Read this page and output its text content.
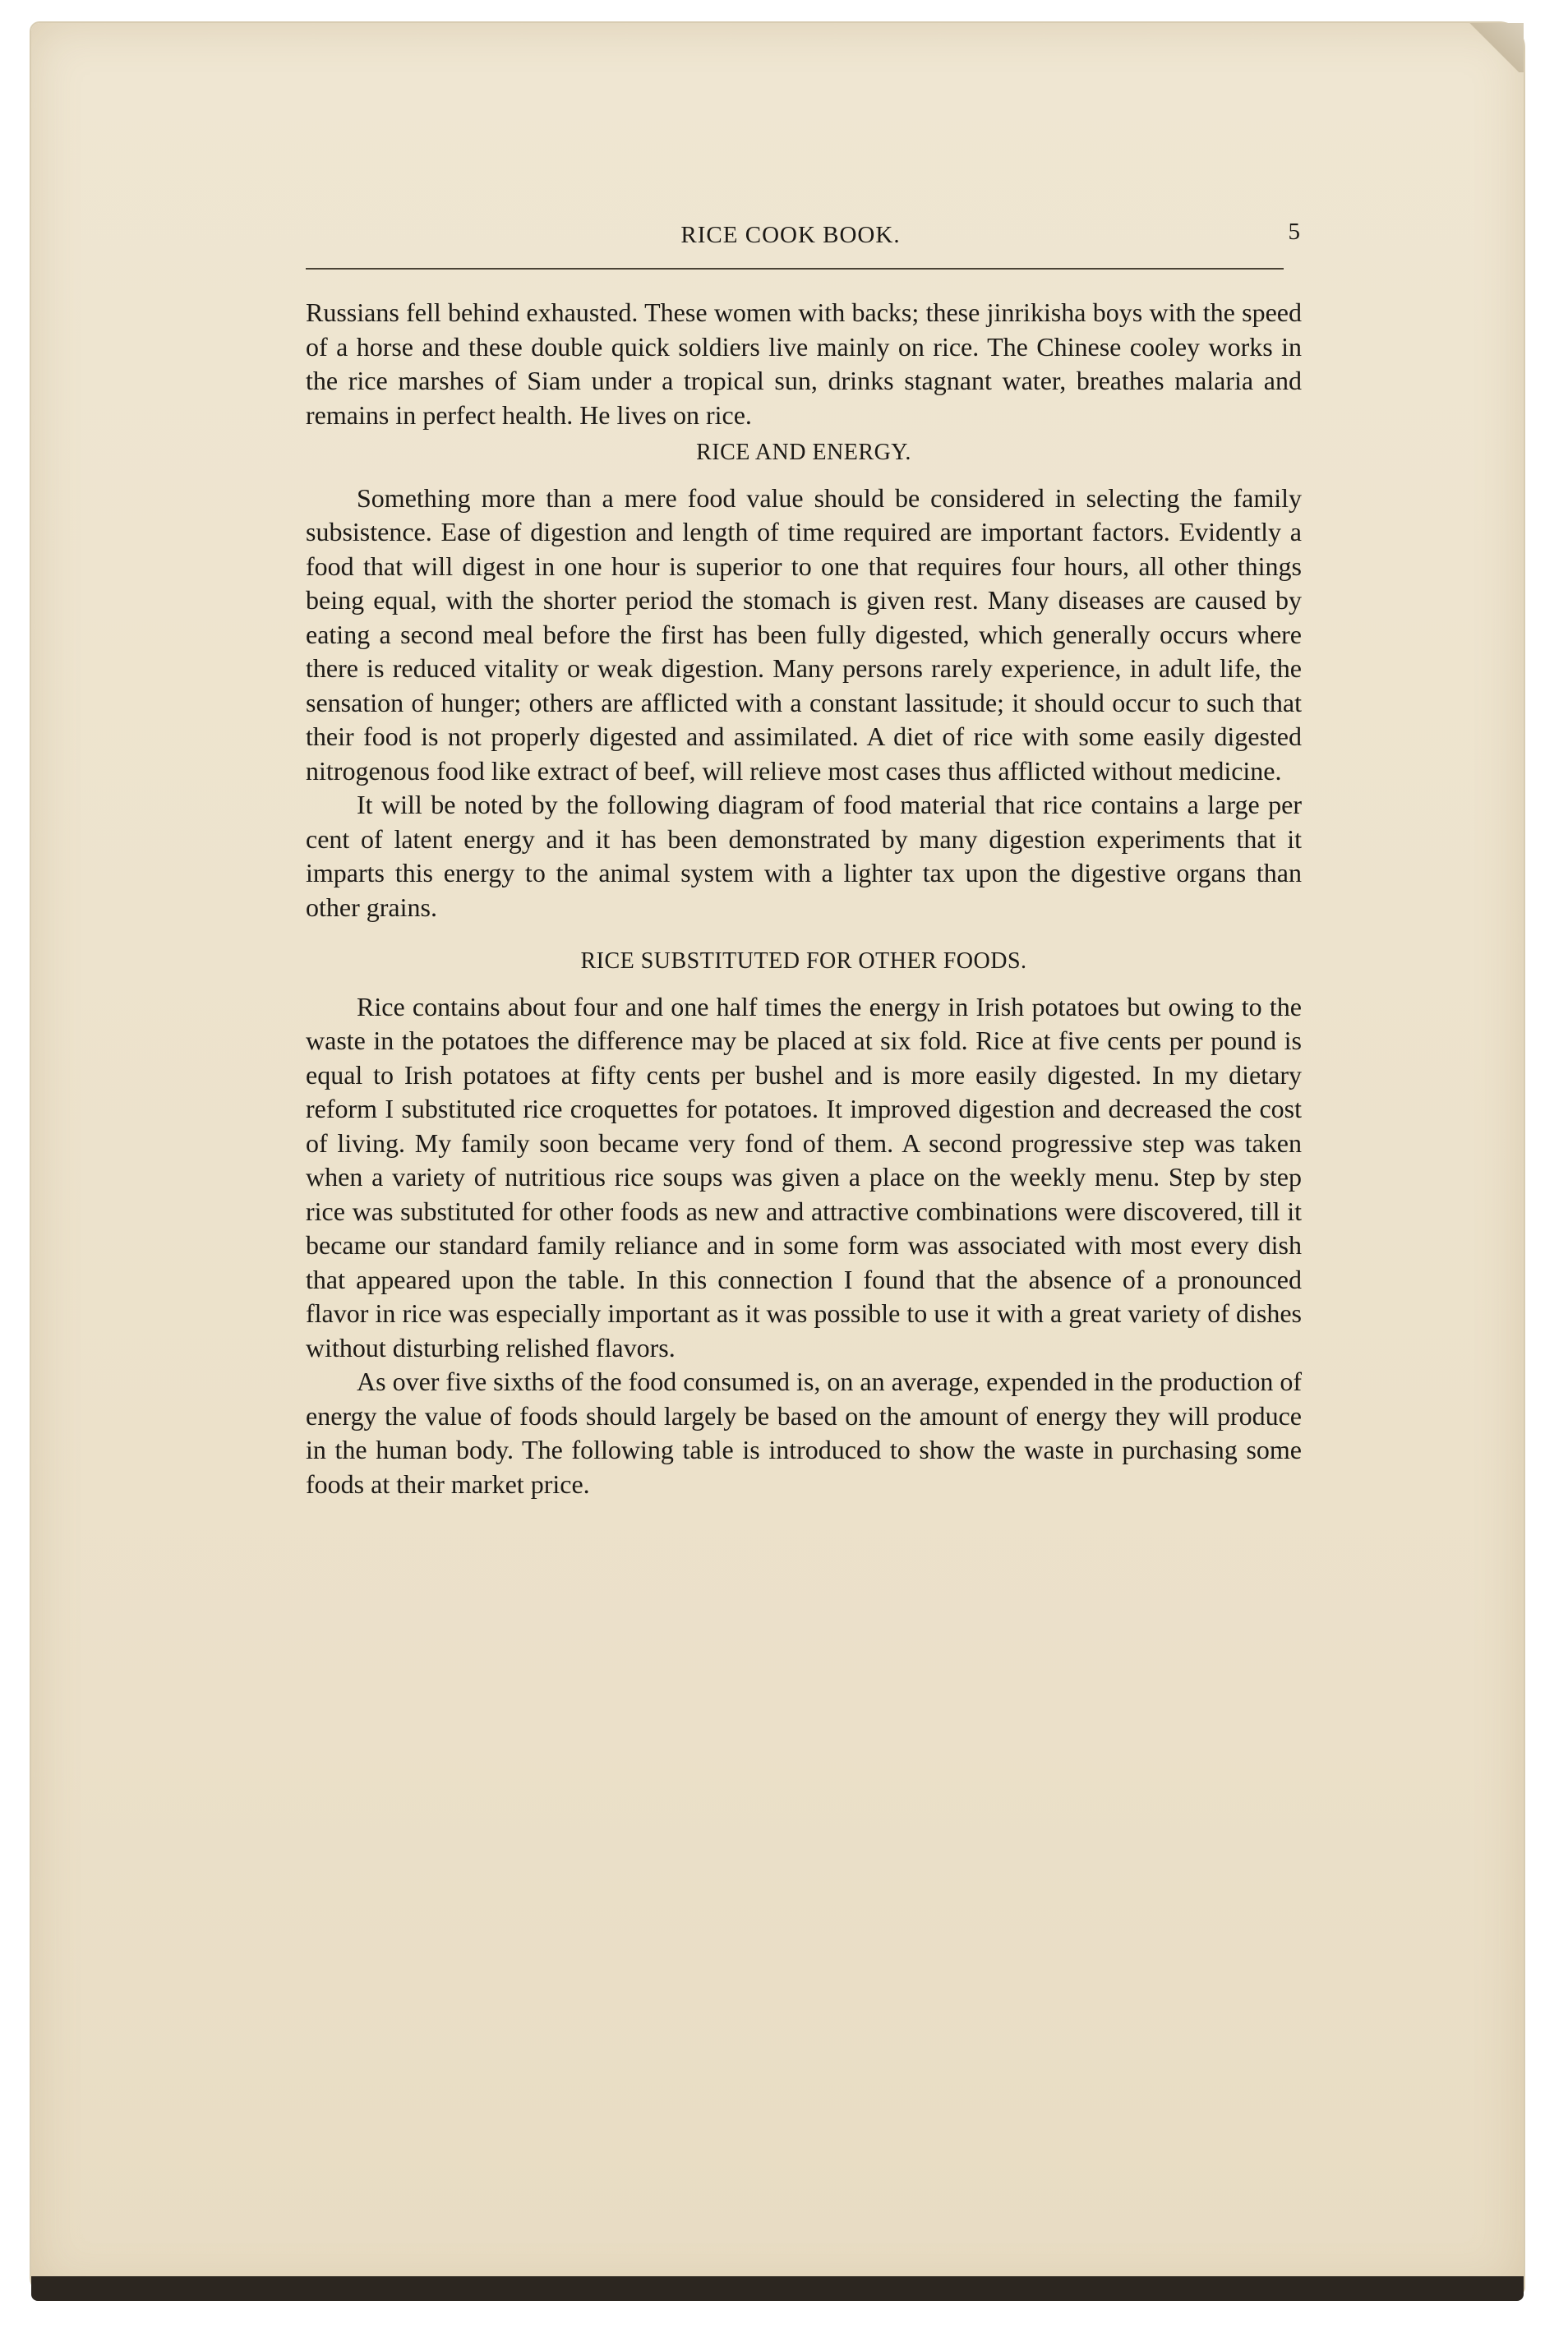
RICE COOK BOOK.	5

Russians fell behind exhausted. These women with backs; these jinrikisha boys with the speed of a horse and these double quick soldiers live mainly on rice. The Chinese cooley works in the rice marshes of Siam under a tropical sun, drinks stagnant water, breathes malaria and remains in perfect health. He lives on rice.

RICE AND ENERGY.

Something more than a mere food value should be considered in selecting the family subsistence. Ease of digestion and length of time required are important factors. Evidently a food that will digest in one hour is superior to one that requires four hours, all other things being equal, with the shorter period the stomach is given rest. Many diseases are caused by eating a second meal before the first has been fully digested, which generally occurs where there is reduced vitality or weak digestion. Many persons rarely experience, in adult life, the sensation of hunger; others are afflicted with a constant lassitude; it should occur to such that their food is not properly digested and assimilated. A diet of rice with some easily digested nitrogenous food like extract of beef, will relieve most cases thus afflicted without medicine.

It will be noted by the following diagram of food material that rice contains a large per cent of latent energy and it has been demonstrated by many digestion experiments that it imparts this energy to the animal system with a lighter tax upon the digestive organs than other grains.

RICE SUBSTITUTED FOR OTHER FOODS.

Rice contains about four and one half times the energy in Irish potatoes but owing to the waste in the potatoes the difference may be placed at six fold. Rice at five cents per pound is equal to Irish potatoes at fifty cents per bushel and is more easily digested. In my dietary reform I substituted rice croquettes for potatoes. It improved digestion and decreased the cost of living. My family soon became very fond of them. A second progressive step was taken when a variety of nutritious rice soups was given a place on the weekly menu. Step by step rice was substituted for other foods as new and attractive combinations were discovered, till it became our standard family reliance and in some form was associated with most every dish that appeared upon the table. In this connection I found that the absence of a pronounced flavor in rice was especially important as it was possible to use it with a great variety of dishes without disturbing relished flavors.

As over five sixths of the food consumed is, on an average, expended in the production of energy the value of foods should largely be based on the amount of energy they will produce in the human body. The following table is introduced to show the waste in purchasing some foods at their market price.
